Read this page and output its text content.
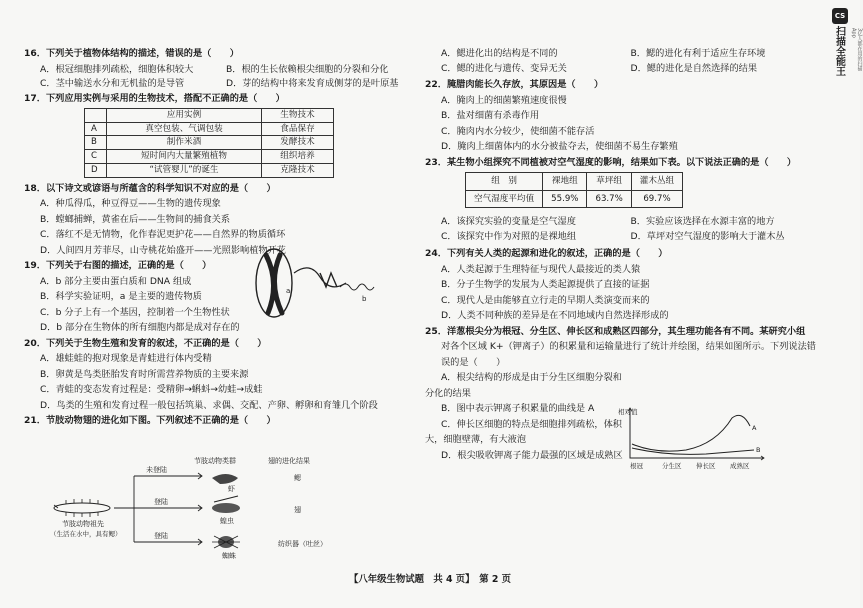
CS
扫描全能王	3亿人都在用的扫描App
16．下列关于植物体结构的描述，错误的是（　　）
A．根冠细胞排列疏松，细胞体积较大	B．根的生长依赖根尖细胞的分裂和分化
C．茎中输送水分和无机盐的是导管	D．芽的结构中将来发育成侧芽的是叶原基
17．下列应用实例与采用的生物技术，搭配不正确的是（　　）
	应用实例	生物技术
A	真空包装、气调包装	食品保存
B	制作米酒	发酵技术
C	短时间内大量繁殖植物	组织培养
D	“试管婴儿”的诞生	克隆技术
18．以下诗文或谚语与所蕴含的科学知识不对应的是（　　）
A．种瓜得瓜，种豆得豆——生物的遗传现象
B．螳螂捕蝉，黄雀在后——生物间的捕食关系
C．落红不是无情物，化作春泥更护花——自然界的物质循环
D．人间四月芳菲尽，山寺桃花始盛开——光照影响植物开花
19．下列关于右图的描述，正确的是（　　）
A．b 部分主要由蛋白质和 DNA 组成
B．科学实验证明，a 是主要的遗传物质
C．b 分子上有一个基因，控制着一个生物性状
D．b 部分在生物体的所有细胞内都是成对存在的
20．下列关于生物生殖和发育的叙述，不正确的是（　　）
A．雄蛙蛙的抱对现象是青蛙进行体内受精
B．卵黄是鸟类胚胎发育时所需营养物质的主要来源
C．青蛙的变态发育过程是：受精卵→蝌蚪→幼蛙→成蛙
D．鸟类的生殖和发育过程一般包括筑巢、求偶、交配、产卵、孵卵和育雏几个阶段
21．节肢动物翅的进化如下图。下列叙述不正确的是（　　）
a
b
节肢动物类群	翅的进化结果
节肢动物祖先
（生活在水中，具有鳃）
未登陆
登陆
登陆
虾
蝗虫
蜘蛛
鳃
翅
纺织器（吐丝）
A．鳃进化出的结构是不同的	B．鳃的进化有利于适应生存环境
C．鳃的进化与遗传、变异无关	D．鳃的进化是自然选择的结果
22．腌腊肉能长久存放，其原因是（　　）
A．腌肉上的细菌繁殖速度很慢
B．盐对细菌有杀毒作用
C．腌肉内水分较少，使细菌不能存活
D．腌肉上细菌体内的水分被盐夺去，使细菌不易生存繁殖
23．某生物小组探究不同植被对空气湿度的影响，结果如下表。以下说法正确的是（　　）
组　别	裸地组	草坪组	灌木丛组
空气湿度平均值	55.9%	63.7%	69.7%
A．该探究实验的变量是空气湿度	B．实验应该选择在水源丰富的地方
C．该探究中作为对照的是裸地组	D．草坪对空气湿度的影响大于灌木丛
24．下列有关人类的起源和进化的叙述，正确的是（　　）
A．人类起源于生理特征与现代人最接近的类人猿
B．分子生物学的发展为人类起源提供了直接的证据
C．现代人是由能够直立行走的早期人类演变而来的
D．人类不同种族的差异是在不同地域内自然选择形成的
25．洋葱根尖分为根冠、分生区、伸长区和成熟区四部分，其生理功能各有不同。某研究小组
对各个区域 K+（钾离子）的积累量和运输量进行了统计并绘图，结果如图所示。下列说法错
误的是（　　）
A．根尖结构的形成是由于分生区细胞分裂和
分化的结果
B．图中表示钾离子积累量的曲线是 A
C．伸长区细胞的特点是细胞排列疏松，体积
大，细胞壁薄，有大液泡
D．根尖吸收钾离子能力最强的区域是成熟区
相对值
A
B
根冠	分生区 伸长区 成熟区
【八年级生物试题　共 4 页】　第 2 页
